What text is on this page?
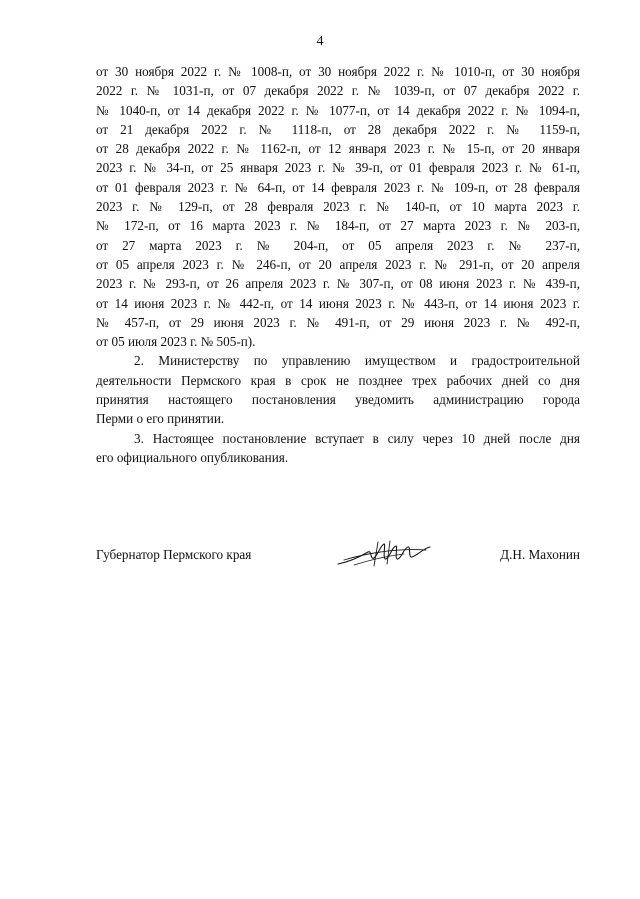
4
от 30 ноября 2022 г. № 1008-п, от 30 ноября 2022 г. № 1010-п, от 30 ноября
2022 г. № 1031-п, от 07 декабря 2022 г. № 1039-п, от 07 декабря 2022 г.
№ 1040-п, от 14 декабря 2022 г. № 1077-п, от 14 декабря 2022 г. № 1094-п,
от 21 декабря 2022 г. № 1118-п, от 28 декабря 2022 г. № 1159-п,
от 28 декабря 2022 г. № 1162-п, от 12 января 2023 г. № 15-п, от 20 января
2023 г. № 34-п, от 25 января 2023 г. № 39-п, от 01 февраля 2023 г. № 61-п,
от 01 февраля 2023 г. № 64-п, от 14 февраля 2023 г. № 109-п, от 28 февраля
2023 г. № 129-п, от 28 февраля 2023 г. № 140-п, от 10 марта 2023 г.
№ 172-п, от 16 марта 2023 г. № 184-п, от 27 марта 2023 г. № 203-п,
от 27 марта 2023 г. № 204-п, от 05 апреля 2023 г. № 237-п,
от 05 апреля 2023 г. № 246-п, от 20 апреля 2023 г. № 291-п, от 20 апреля
2023 г. № 293-п, от 26 апреля 2023 г. № 307-п, от 08 июня 2023 г. № 439-п,
от 14 июня 2023 г. № 442-п, от 14 июня 2023 г. № 443-п, от 14 июня 2023 г.
№ 457-п, от 29 июня 2023 г. № 491-п, от 29 июня 2023 г. № 492-п,
от 05 июля 2023 г. № 505-п).
2. Министерству по управлению имуществом и градостроительной
деятельности Пермского края в срок не позднее трех рабочих дней со дня
принятия настоящего постановления уведомить администрацию города
Перми о его принятии.
3. Настоящее постановление вступает в силу через 10 дней после дня
его официального опубликования.
Губернатор Пермского края	Д.Н. Махонин
